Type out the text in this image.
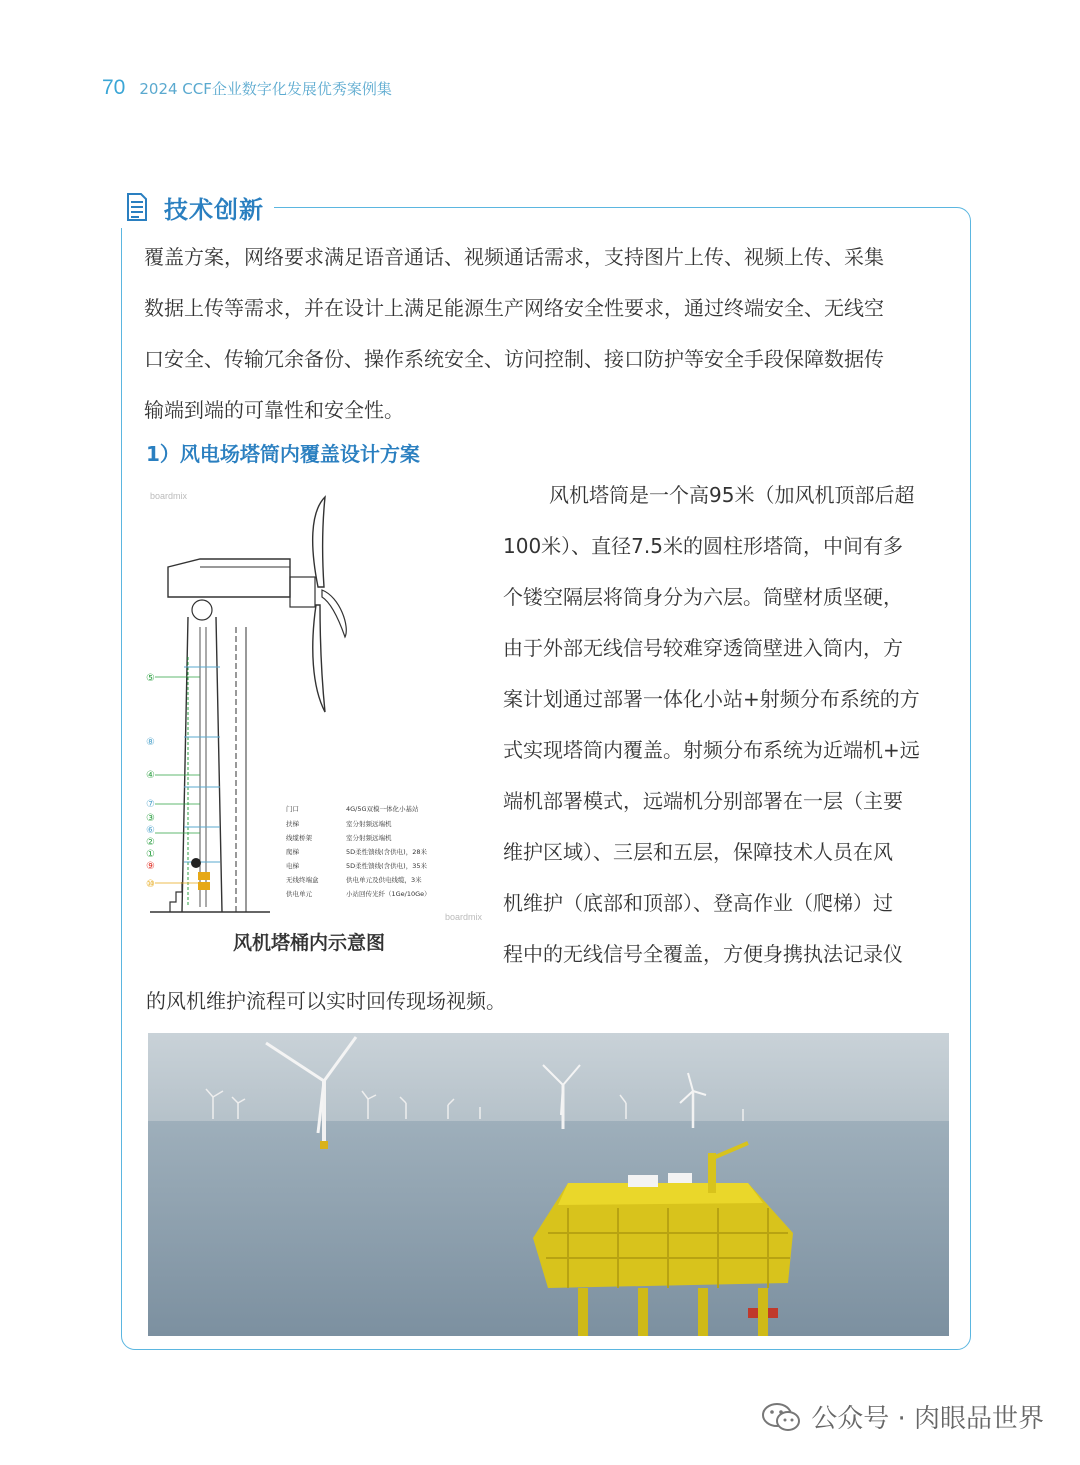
70 2024 CCF企业数字化发展优秀案例集
技术创新
覆盖方案，网络要求满足语音通话、视频通话需求，支持图片上传、视频上传、采集
数据上传等需求，并在设计上满足能源生产网络安全性要求，通过终端安全、无线空
口安全、传输冗余备份、操作系统安全、访问控制、接口防护等安全手段保障数据传
输端到端的可靠性和安全性。
1）风电场塔筒内覆盖设计方案
boardmix
boardmix
⑤
⑧
④
⑦
③
⑥
②
①
⑨
⑩
门口
扶梯
线缆桥架
爬梯
电梯
无线终端盒
供电单元
4G/5G双模一体化小基站
室分射频远端机
室分射频远端机
5D柔性馈线(含供电)，28米
5D柔性馈线(含供电)，35米
供电单元及供电线缆，3米
小站回传光纤（1Ge/10Ge）
风机塔桶内示意图
风机塔筒是一个高95米（加风机顶部后超
100米）、直径7.5米的圆柱形塔筒，中间有多
个镂空隔层将筒身分为六层。筒壁材质坚硬，
由于外部无线信号较难穿透筒壁进入筒内，方
案计划通过部署一体化小站+射频分布系统的方
式实现塔筒内覆盖。射频分布系统为近端机+远
端机部署模式，远端机分别部署在一层（主要
维护区域）、三层和五层，保障技术人员在风
机维护（底部和顶部）、登高作业（爬梯）过
程中的无线信号全覆盖，方便身携执法记录仪
的风机维护流程可以实时回传现场视频。
公众号 · 肉眼品世界
